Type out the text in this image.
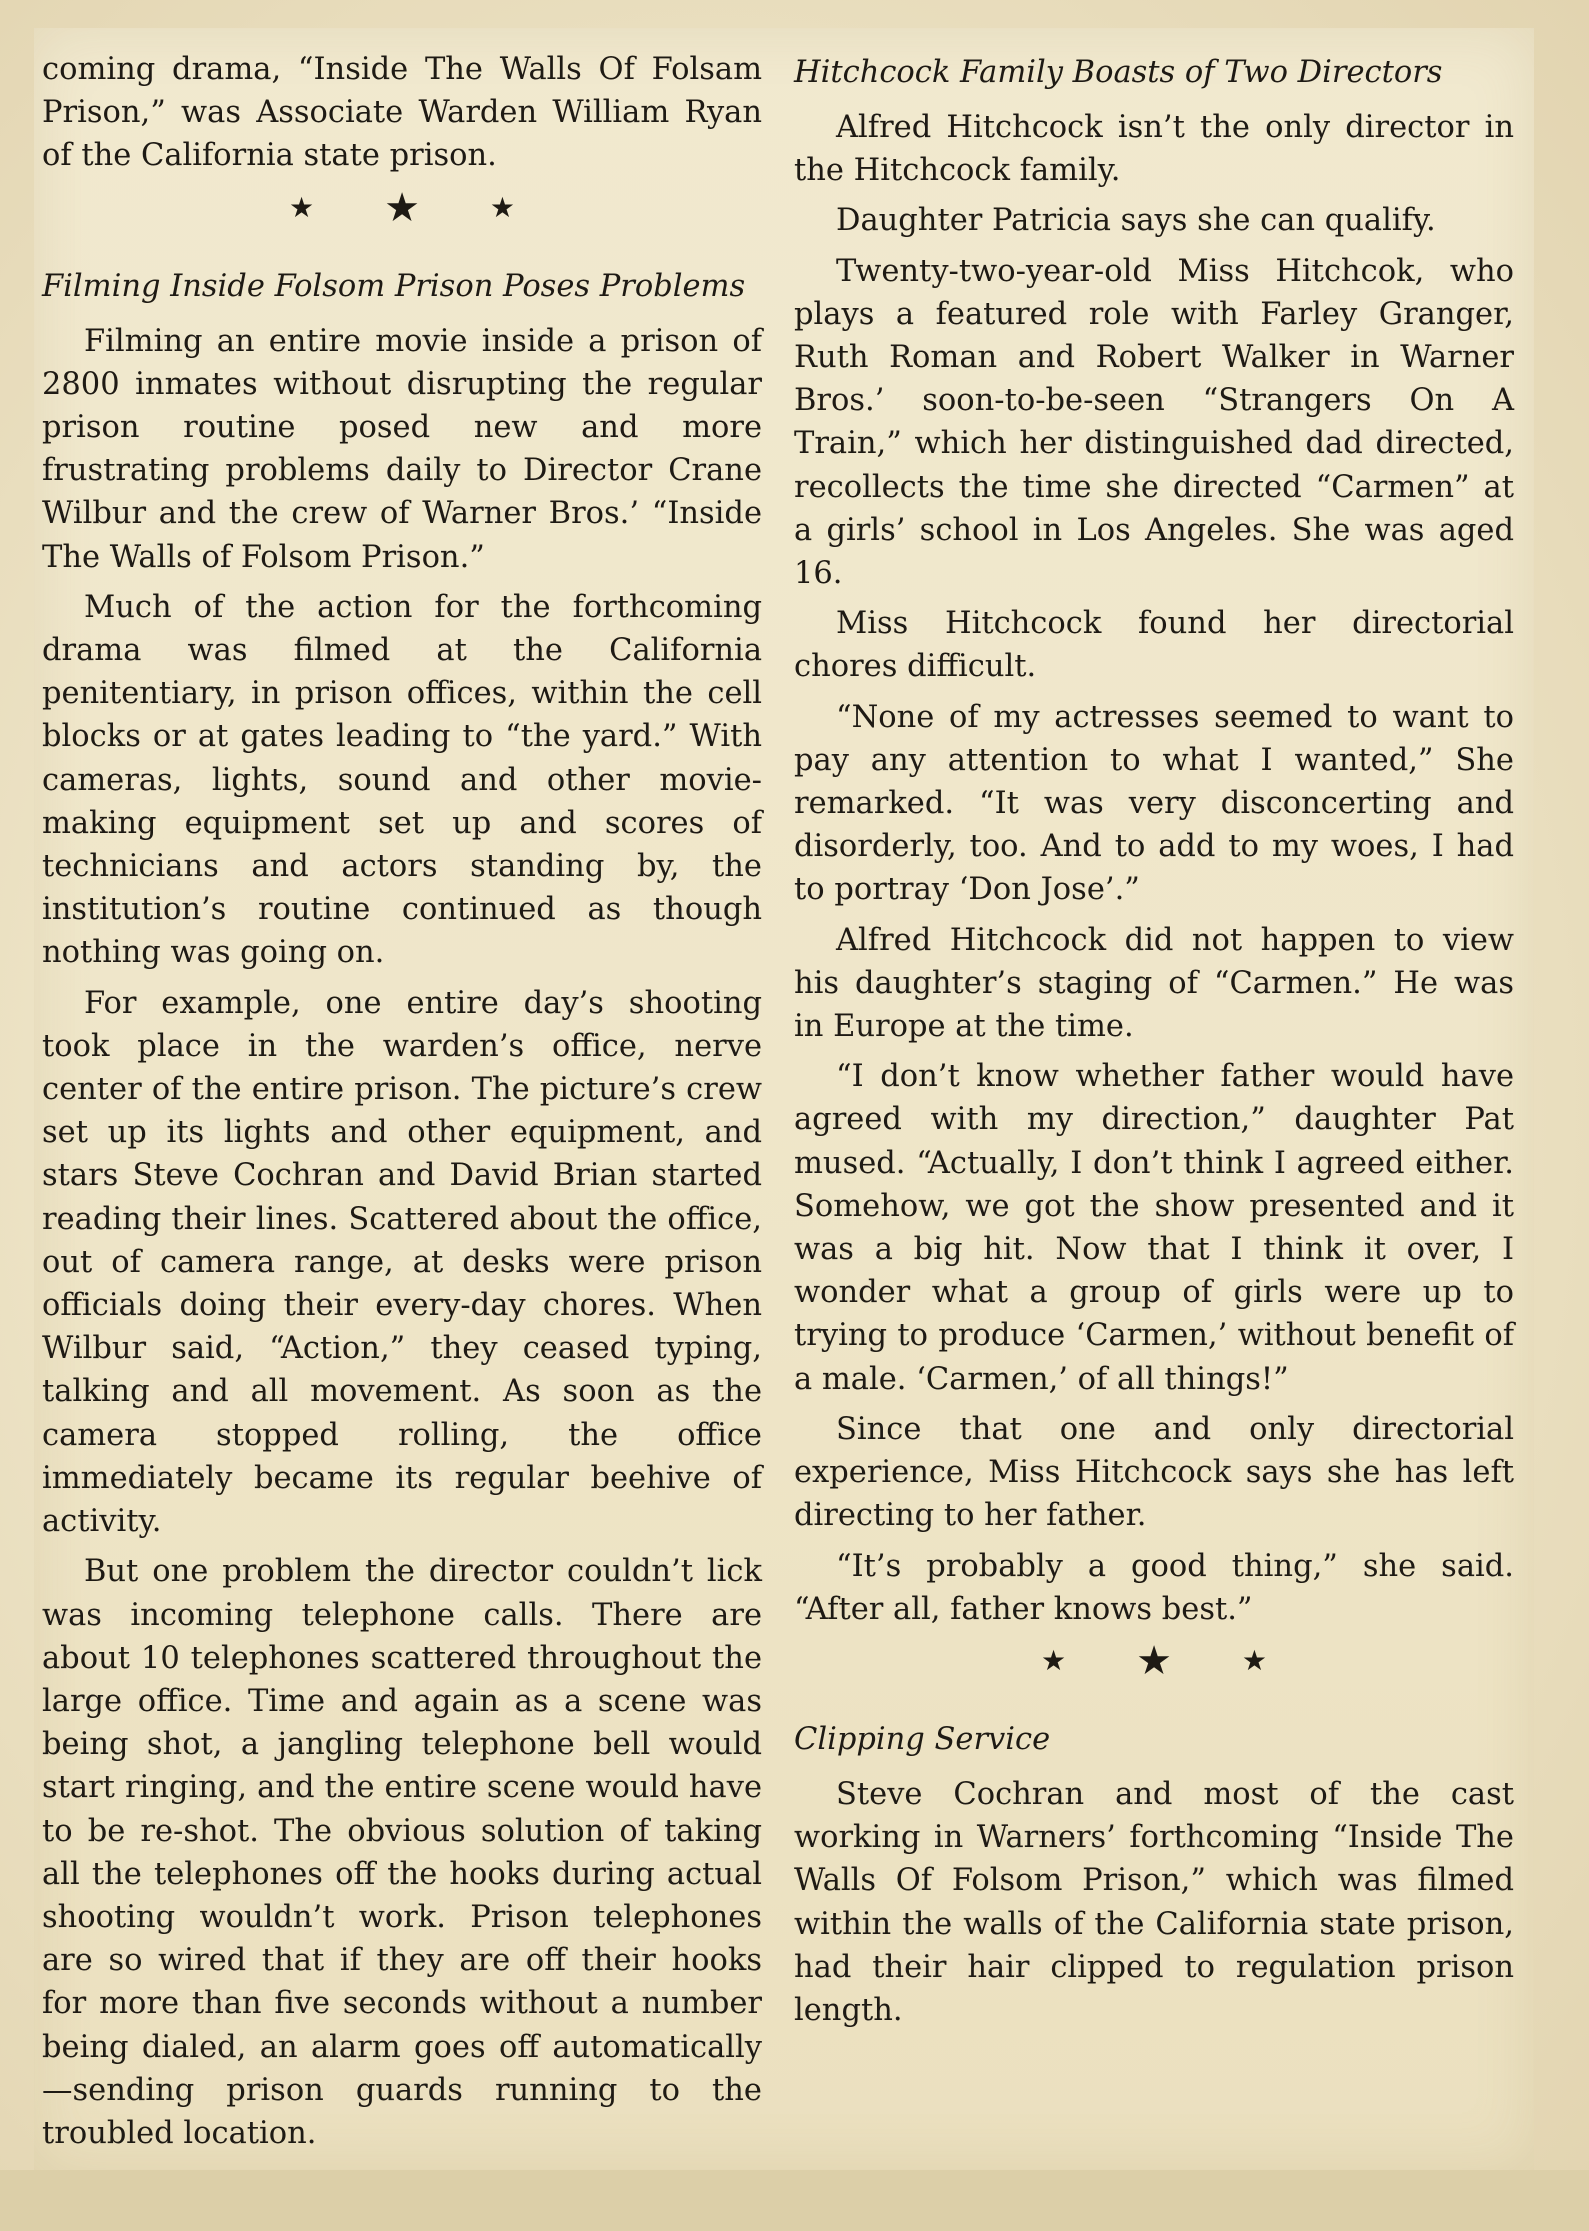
coming drama, “Inside The Walls Of Folsam Prison,” was Associate Warden William Ryan of the California state prison.

★ ★	★
Filming Inside Folsom Prison Poses Problems

Filming an entire movie inside a prison of 2800 inmates without disrupting the regular prison routine posed new and more frustrating problems daily to Director Crane Wilbur and the crew of Warner Bros.’ “Inside The Walls of Folsom Prison.”

Much of the action for the forthcoming drama was filmed at the California penitentiary, in prison offices, within the cell blocks or at gates leading to “the yard.” With cameras, lights, sound and other movie-making equipment set up and scores of technicians and actors standing by, the institution’s routine continued as though nothing was going on.

For example, one entire day’s shooting took place in the warden’s office, nerve center of the entire prison. The picture’s crew set up its lights and other equipment, and stars Steve Cochran and David Brian started reading their lines. Scattered about the office, out of camera range, at desks were prison officials doing their every-day chores. When Wilbur said, “Action,” they ceased typing, talking and all movement. As soon as the camera stopped rolling, the office immediately became its regular beehive of activity.

But one problem the director couldn’t lick was incoming telephone calls. There are about 10 telephones scattered throughout the large office. Time and again as a scene was being shot, a jangling telephone bell would start ringing, and the entire scene would have to be re-shot. The obvious solution of taking all the telephones off the hooks during actual shooting wouldn’t work. Prison telephones are so wired that if they are off their hooks for more than five seconds without a number being dialed, an alarm goes off automatically—sending prison guards running to the troubled location.

Hitchcock Family Boasts of Two Directors

Alfred Hitchcock isn’t the only director in the Hitchcock family.

Daughter Patricia says she can qualify.

Twenty-two-year-old Miss Hitchcok, who plays a featured role with Farley Granger, Ruth Roman and Robert Walker in Warner Bros.’ soon-to-be-seen “Strangers On A Train,” which her distinguished dad directed, recollects the time she directed “Carmen” at a girls’ school in Los Angeles. She was aged 16.

Miss Hitchcock found her directorial chores difficult.

“None of my actresses seemed to want to pay any attention to what I wanted,” She remarked. “It was very disconcerting and disorderly, too. And to add to my woes, I had to portray ‘Don Jose’.”

Alfred Hitchcock did not happen to view his daughter’s staging of “Carmen.” He was in Europe at the time.

“I don’t know whether father would have agreed with my direction,” daughter Pat mused. “Actually, I don’t think I agreed either. Somehow, we got the show presented and it was a big hit. Now that I think it over, I wonder what a group of girls were up to trying to produce ‘Carmen,’ without benefit of a male. ‘Carmen,’ of all things!”

Since that one and only directorial experience, Miss Hitchcock says she has left directing to her father.

“It’s probably a good thing,” she said. “After all, father knows best.”

★ ★	★
Clipping Service

Steve Cochran and most of the cast working in Warners’ forthcoming “Inside The Walls Of Folsom Prison,” which was filmed within the walls of the California state prison, had their hair clipped to regulation prison length.
